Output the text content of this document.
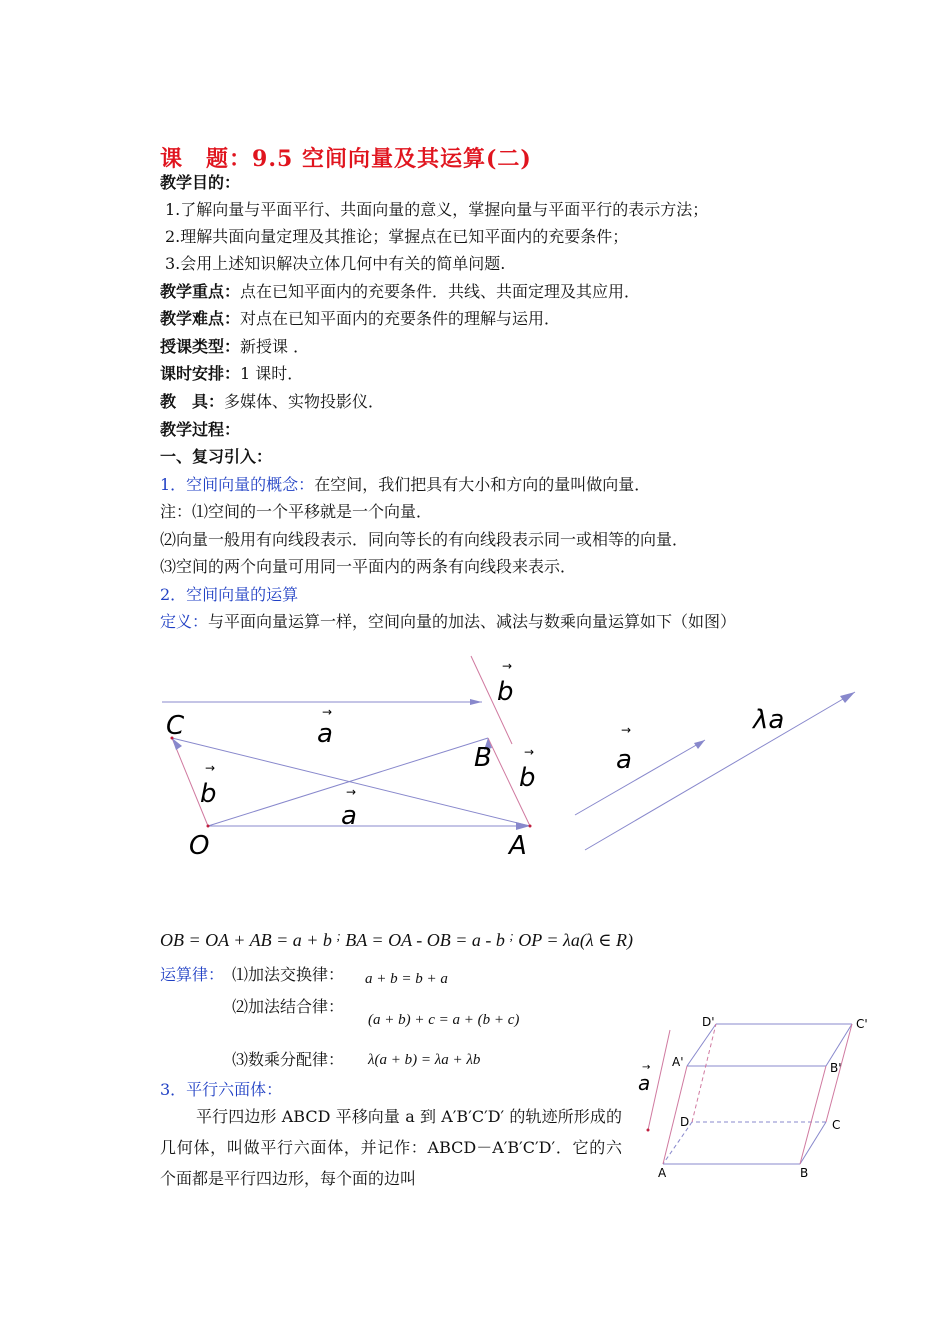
课　题：9.5 空间向量及其运算(二)
教学目的：
1.了解向量与平面平行、共面向量的意义，掌握向量与平面平行的表示方法；
2.理解共面向量定理及其推论；掌握点在已知平面内的充要条件；
3.会用上述知识解决立体几何中有关的简单问题.
教学重点：点在已知平面内的充要条件．共线、共面定理及其应用．
教学难点：对点在已知平面内的充要条件的理解与运用．
授课类型：新授课 ．
课时安排：1 课时．
教　具：多媒体、实物投影仪．
教学过程：
一、复习引入：
1．空间向量的概念：在空间，我们把具有大小和方向的量叫做向量．
注：⑴空间的一个平移就是一个向量．
⑵向量一般用有向线段表示．同向等长的有向线段表示同一或相等的向量．
⑶空间的两个向量可用同一平面内的两条有向线段来表示．
2．空间向量的运算
定义：与平面向量运算一样，空间向量的加法、减法与数乘向量运算如下（如图）
C	a
→
b
→
B
b
→
b
→
a
→
O	A
a
→	λa
OB = OA + AB = a + b ; BA = OA - OB = a - b ; OP = λa(λ ∈ R)
运算律： ⑴加法交换律： a + b = b + a
⑵加法结合律：
(a + b) + c = a + (b + c)
⑶数乘分配律： λ(a + b) = λa + λb
3．平行六面体：
平行四边形 ABCD 平移向量 a 到 A′B′C′D′ 的轨迹所形成的几何体，叫做平行六面体，并记作：ABCD－A′B′C′D′．它的六个面都是平行四边形，每个面的边叫
a
→
D'	C'
A'	B'
D	C
A	B
